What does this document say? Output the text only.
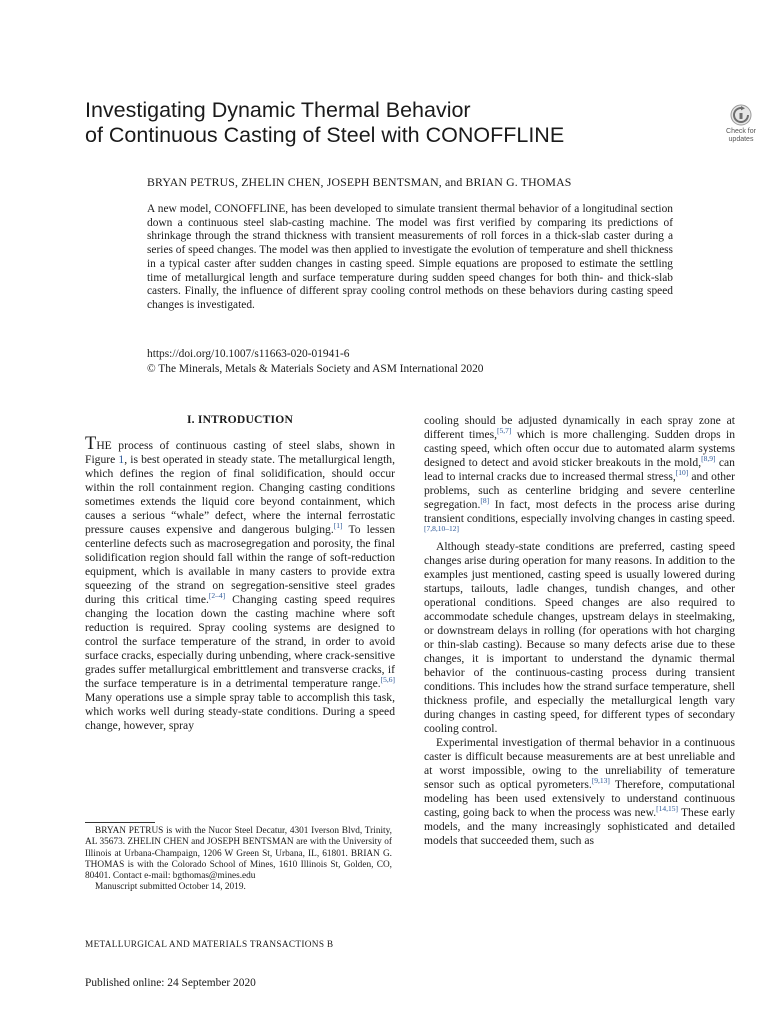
Investigating Dynamic Thermal Behavior
of Continuous Casting of Steel with CONOFFLINE	Check for
updates
BRYAN PETRUS, ZHELIN CHEN, JOSEPH BENTSMAN, and BRIAN G. THOMAS
A new model, CONOFFLINE, has been developed to simulate transient thermal behavior of a longitudinal section down a continuous steel slab-casting machine. The model was first verified by comparing its predictions of shrinkage through the strand thickness with transient measurements of roll forces in a thick-slab caster during a series of speed changes. The model was then applied to investigate the evolution of temperature and shell thickness in a typical caster after sudden changes in casting speed. Simple equations are proposed to estimate the settling time of metallurgical length and surface temperature during sudden speed changes for both thin- and thick-slab casters. Finally, the influence of different spray cooling control methods on these behaviors during casting speed changes is investigated.
https://doi.org/10.1007/s11663-020-01941-6
© The Minerals, Metals & Materials Society and ASM International 2020
I. INTRODUCTION

THE process of continuous casting of steel slabs, shown in Figure 1, is best operated in steady state. The metallurgical length, which defines the region of final solidification, should occur within the roll containment region. Changing casting conditions sometimes extends the liquid core beyond containment, which causes a serious “whale” defect, where the internal ferrostatic pressure causes expensive and dangerous bulging.[1] To lessen centerline defects such as macrosegregation and porosity, the final solidification region should fall within the range of soft-reduction equipment, which is available in many casters to provide extra squeezing of the strand on segregation-sensitive steel grades during this critical time.[2–4] Changing casting speed requires changing the location down the casting machine where soft reduction is required. Spray cooling systems are designed to control the surface temperature of the strand, in order to avoid surface cracks, especially during unbending, where crack-sensitive grades suffer metallurgical embrittlement and transverse cracks, if the surface temperature is in a detrimental temperature range.[5,6] Many operations use a simple spray table to accomplish this task, which works well during steady-state conditions. During a speed change, however, spray

cooling should be adjusted dynamically in each spray zone at different times,[5,7] which is more challenging. Sudden drops in casting speed, which often occur due to automated alarm systems designed to detect and avoid sticker breakouts in the mold,[8,9] can lead to internal cracks due to increased thermal stress,[10] and other problems, such as centerline bridging and severe centerline segregation.[8] In fact, most defects in the process arise during transient conditions, especially involving changes in casting speed.[7,8,10–12]

Although steady-state conditions are preferred, casting speed changes arise during operation for many reasons. In addition to the examples just mentioned, casting speed is usually lowered during startups, tailouts, ladle changes, tundish changes, and other operational conditions. Speed changes are also required to accommodate schedule changes, upstream delays in steelmaking, or downstream delays in rolling (for operations with hot charging or thin-slab casting). Because so many defects arise due to these changes, it is important to understand the dynamic thermal behavior of the continuous-casting process during transient conditions. This includes how the strand surface temperature, shell thickness profile, and especially the metallurgical length vary during changes in casting speed, for different types of secondary cooling control.

Experimental investigation of thermal behavior in a continuous caster is difficult because measurements are at best unreliable and at worst impossible, owing to the unreliability of temerature sensor such as optical pyrometers.[9,13] Therefore, computational modeling has been used extensively to understand continuous casting, going back to when the process was new.[14,15] These early models, and the many increasingly sophisticated and detailed models that succeeded them, such as

BRYAN PETRUS is with the Nucor Steel Decatur, 4301 Iverson Blvd, Trinity, AL 35673. ZHELIN CHEN and JOSEPH BENTSMAN are with the University of Illinois at Urbana-Champaign, 1206 W Green St, Urbana, IL, 61801. BRIAN G. THOMAS is with the Colorado School of Mines, 1610 Illinois St, Golden, CO, 80401. Contact e-mail: bgthomas@mines.edu

Manuscript submitted October 14, 2019.

METALLURGICAL AND MATERIALS TRANSACTIONS B
Published online: 24 September 2020
